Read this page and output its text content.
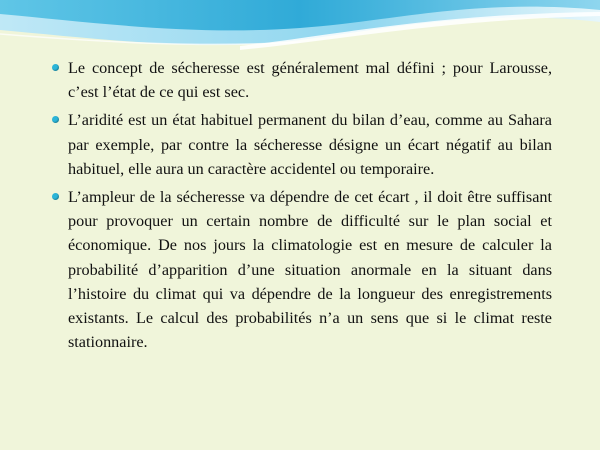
Le concept de sécheresse est généralement mal défini ; pour Larousse, c’est l’état de ce qui est sec.
L’aridité est un état habituel permanent du bilan d’eau, comme au Sahara par exemple, par contre la sécheresse désigne un écart négatif au bilan habituel, elle aura un caractère accidentel ou temporaire.
L’ampleur de la sécheresse va dépendre de cet écart , il doit être suffisant pour provoquer un certain nombre de difficulté sur le plan social et économique. De nos jours la climatologie est en mesure de calculer la probabilité d’apparition d’une situation anormale en la situant dans l’histoire du climat qui va dépendre de la longueur des enregistrements existants. Le calcul des probabilités n’a un sens que si le climat reste stationnaire.
